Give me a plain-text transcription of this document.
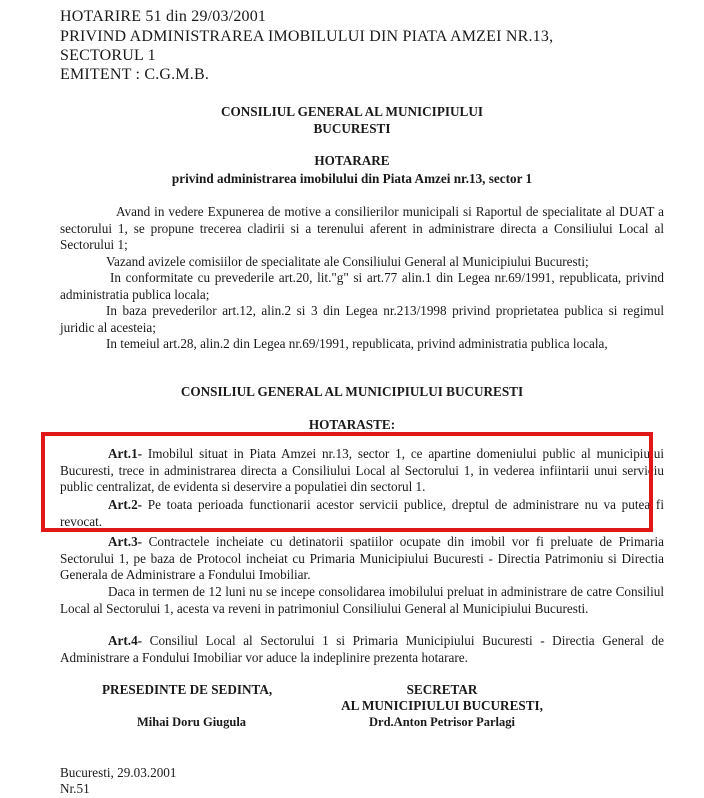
HOTARIRE 51 din 29/03/2001
PRIVIND ADMINISTRAREA IMOBILULUI DIN PIATA AMZEI NR.13,
SECTORUL 1
EMITENT : C.G.M.B.
CONSILIUL GENERAL AL MUNICIPIULUI
BUCURESTI
HOTARARE
privind administrarea imobilului din Piata Amzei nr.13, sector 1
Avand in vedere Expunerea de motive a consilierilor municipali si Raportul de specialitate al DUAT a sectorului 1, se propune trecerea cladirii si a terenului aferent in administrare directa a Consiliului Local al Sectorului 1;
Vazand avizele comisiilor de specialitate ale Consiliului General al Municipiului Bucuresti;
In conformitate cu prevederile art.20, lit."g" si art.77 alin.1 din Legea nr.69/1991, republicata, privind administratia publica locala;
In baza prevederilor art.12, alin.2 si 3 din Legea nr.213/1998 privind proprietatea publica si regimul juridic al acesteia;
In temeiul art.28, alin.2 din Legea nr.69/1991, republicata, privind administratia publica locala,
CONSILIUL GENERAL AL MUNICIPIULUI BUCURESTI
HOTARASTE:
Art.1- Imobilul situat in Piata Amzei nr.13, sector 1, ce apartine domeniului public al municipiului Bucuresti, trece in administrarea directa a Consiliului Local al Sectorului 1, in vederea infiintarii unui serviciu public centralizat, de evidenta si deservire a populatiei din sectorul 1.
Art.2- Pe toata perioada functionarii acestor servicii publice, dreptul de administrare nu va putea fi revocat.
Art.3- Contractele incheiate cu detinatorii spatiilor ocupate din imobil vor fi preluate de Primaria Sectorului 1, pe baza de Protocol incheiat cu Primaria Municipiului Bucuresti - Directia Patrimoniu si Directia Generala de Administrare a Fondului Imobiliar.
Daca in termen de 12 luni nu se incepe consolidarea imobilului preluat in administrare de catre Consiliul Local al Sectorului 1, acesta va reveni in patrimoniul Consiliului General al Municipiului Bucuresti.
Art.4- Consiliul Local al Sectorului 1 si Primaria Municipiului Bucuresti - Directia General de Administrare a Fondului Imobiliar vor aduce la indeplinire prezenta hotarare.
PRESEDINTE DE SEDINTA,
Mihai Doru Giugula
SECRETAR
AL MUNICIPIULUI BUCURESTI,
Drd.Anton Petrisor Parlagi
Bucuresti, 29.03.2001
Nr.51
